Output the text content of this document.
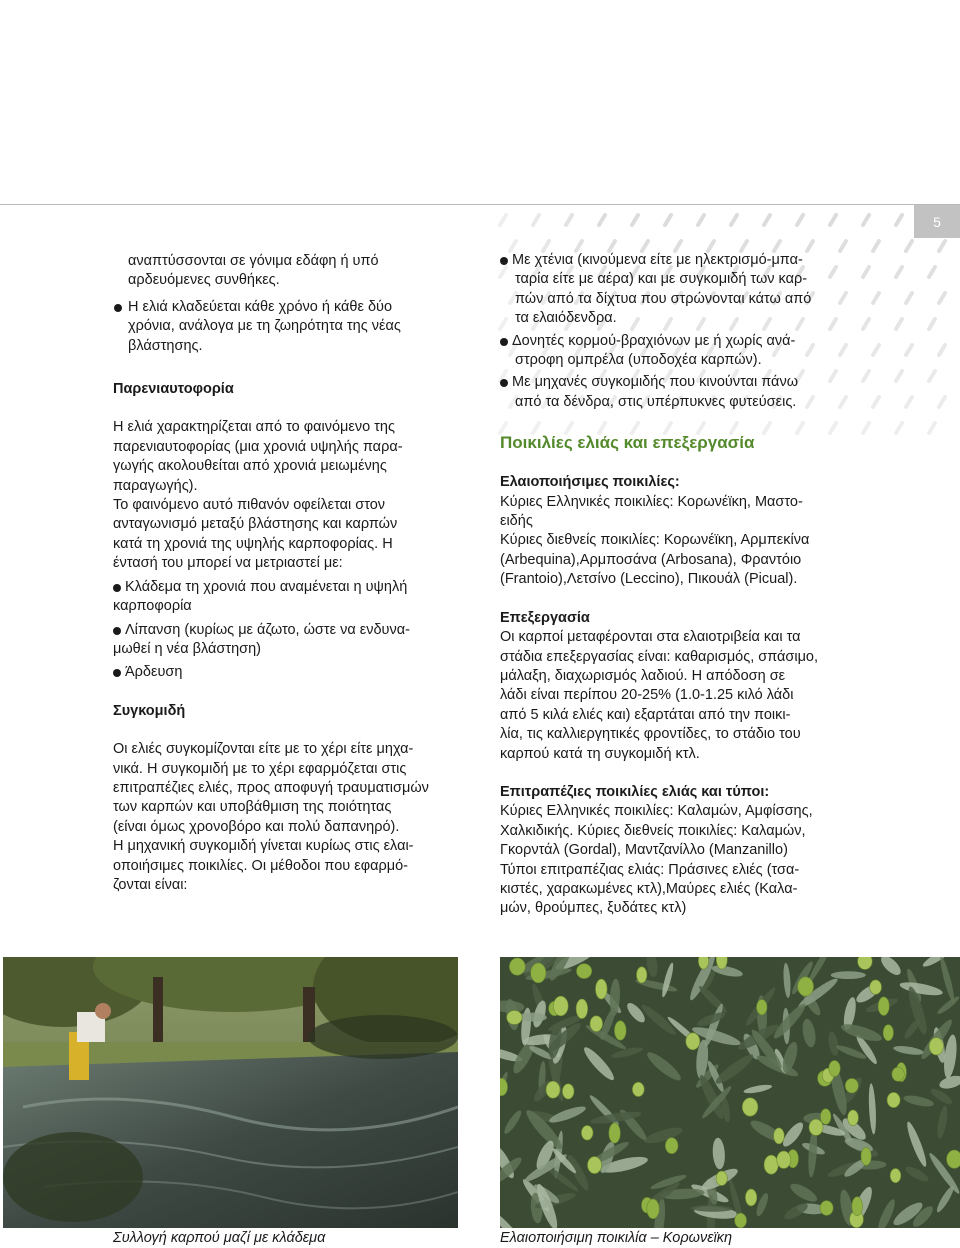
5

αναπτύσσονται σε γόνιμα εδάφη ή υπό

αρδευόμενες συνθήκες.

Η ελιά κλαδεύεται κάθε χρόνο ή κάθε δύο

χρόνια, ανάλογα με τη ζωηρότητα της νέας

βλάστησης.

Παρενιαυτοφορία

Η ελιά χαρακτηρίζεται από το φαινόμενο της

παρενιαυτοφορίας (μια χρονιά υψηλής παρα-

γωγής ακολουθείται από χρονιά μειωμένης

παραγωγής).

Το φαινόμενο αυτό πιθανόν οφείλεται στον

ανταγωνισμό μεταξύ βλάστησης και καρπών

κατά τη χρονιά της υψηλής καρποφορίας. Η

έντασή του μπορεί να μετριαστεί με:

Κλάδεμα τη χρονιά που αναμένεται η υψηλή

καρποφορία

Λίπανση (κυρίως με άζωτο, ώστε να ενδυνα-

μωθεί η νέα βλάστηση)

Άρδευση

Συγκομιδή

Οι ελιές συγκομίζονται είτε με το χέρι είτε μηχα-

νικά. Η συγκομιδή με το χέρι εφαρμόζεται στις

επιτραπέζιες ελιές, προς αποφυγή τραυματισμών

των καρπών και υποβάθμιση της ποιότητας

(είναι όμως χρονοβόρο και πολύ δαπανηρό).

Η μηχανική συγκομιδή γίνεται κυρίως στις ελαι-

οποιήσιμες ποικιλίες. Οι μέθοδοι που εφαρμό-

ζονται είναι:

Με χτένια (κινούμενα είτε με ηλεκτρισμό-μπα-

ταρία είτε με αέρα) και με συγκομιδή των καρ-

πών από τα δίχτυα που στρώνονται κάτω από

τα ελαιόδενδρα.

Δονητές κορμού-βραχιόνων με ή χωρίς ανά-

στροφη ομπρέλα (υποδοχέα καρπών).

Με μηχανές συγκομιδής που κινούνται πάνω

από τα δένδρα, στις υπέρπυκνες φυτεύσεις.

Ποικιλίες ελιάς και επεξεργασία

Ελαιοποιήσιμες ποικιλίες:

Κύριες Ελληνικές ποικιλίες: Κορωνέϊκη, Μαστο-

ειδής

Κύριες διεθνείς ποικιλίες: Κορωνέϊκη, Αρμπεκίνα

(Arbequina),Αρμποσάνα (Arbosana), Φραντόιο

(Frantoio),Λετσίνο (Leccino), Πικουάλ (Picual).

Επεξεργασία

Οι καρποί μεταφέρονται στα ελαιοτριβεία και τα

στάδια επεξεργασίας είναι: καθαρισμός, σπάσιμο,

μάλαξη, διαχωρισμός λαδιού. Η απόδοση σε

λάδι είναι περίπου 20-25% (1.0-1.25 κιλό λάδι

από 5 κιλά ελιές και) εξαρτάται από την ποικι-

λία, τις καλλιεργητικές φροντίδες, το στάδιο του

καρπού κατά τη συγκομιδή κτλ.

Επιτραπέζιες ποικιλίες ελιάς και τύποι:

Κύριες Ελληνικές ποικιλίες: Καλαμών, Αμφίσσης,

Χαλκιδικής. Κύριες διεθνείς ποικιλίες: Καλαμών,

Γκορντάλ (Gordal), Μαντζανίλλο (Manzanillo)

Τύποι επιτραπέζιας ελιάς: Πράσινες ελιές (τσα-

κιστές, χαρακωμένες κτλ),Μαύρες ελιές (Καλα-

μών, θρούμπες, ξυδάτες κτλ)

Συλλογή καρπού μαζί με κλάδεμα	Ελαιοποιήσιμη ποικιλία – Κορωνεϊκη
